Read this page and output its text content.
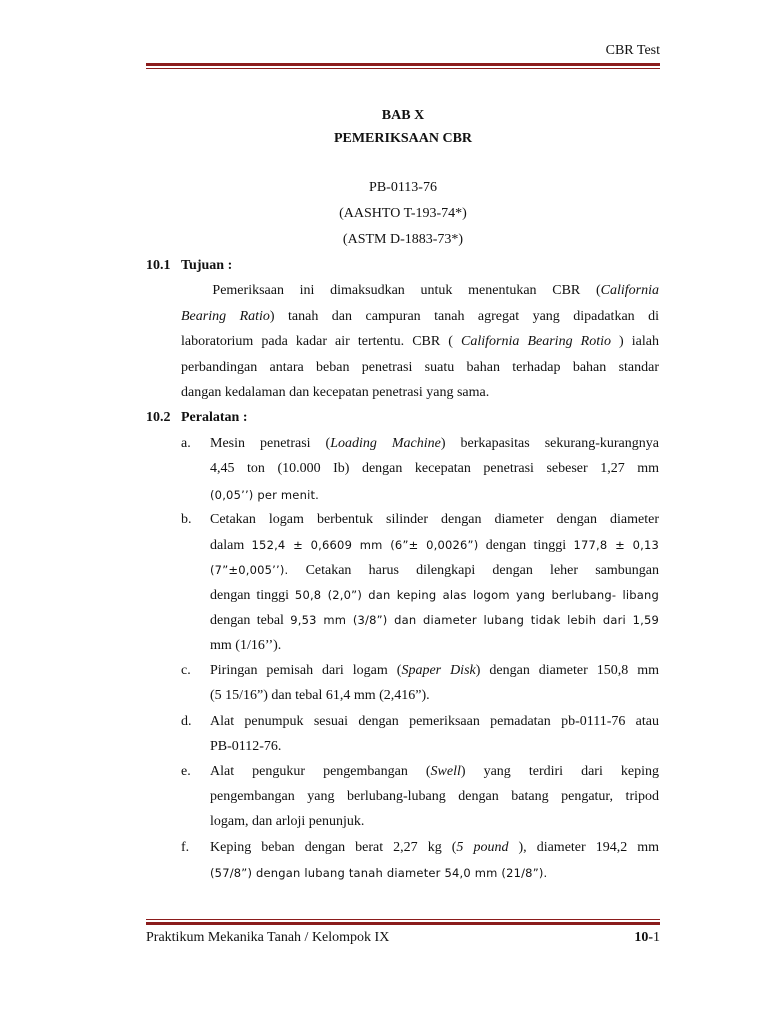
CBR Test
BAB X
PEMERIKSAAN CBR
PB-0113-76
(AASHTO T-193-74*)
(ASTM D-1883-73*)
10.1 Tujuan :
Pemeriksaan ini dimaksudkan untuk menentukan CBR (California
Bearing Ratio) tanah dan campuran tanah agregat yang dipadatkan di
laboratorium pada kadar air tertentu. CBR ( California Bearing Rotio ) ialah
perbandingan antara beban penetrasi suatu bahan terhadap bahan standar
dangan kedalaman dan kecepatan penetrasi yang sama.
10.2 Peralatan :
a. Mesin penetrasi (Loading Machine) berkapasitas sekurang-kurangnya
4,45 ton (10.000 Ib) dengan kecepatan penetrasi sebeser 1,27 mm
(0,05’’) per menit.
b. Cetakan logam berbentuk silinder dengan diameter dengan diameter
dalam 152,4 ± 0,6609 mm (6”± 0,0026”) dengan tinggi 177,8 ± 0,13
(7”±0,005’’). Cetakan harus dilengkapi dengan leher sambungan
dengan tinggi 50,8 (2,0”) dan keping alas logom yang berlubang- libang
dengan tebal 9,53 mm (3/8”) dan diameter lubang tidak lebih dari 1,59
mm (1/16’’).
c. Piringan pemisah dari logam (Spaper Disk) dengan diameter 150,8 mm
(5 15/16”) dan tebal 61,4 mm (2,416”).
d. Alat penumpuk sesuai dengan pemeriksaan pemadatan pb-0111-76 atau
PB-0112-76.
e. Alat pengukur pengembangan (Swell) yang terdiri dari keping
pengembangan yang berlubang-lubang dengan batang pengatur, tripod
logam, dan arloji penunjuk.
f. Keping beban dengan berat 2,27 kg (5 pound ), diameter 194,2 mm
(57/8”) dengan lubang tanah diameter 54,0 mm (21/8”).
Praktikum Mekanika Tanah / Kelompok IX	10-1
